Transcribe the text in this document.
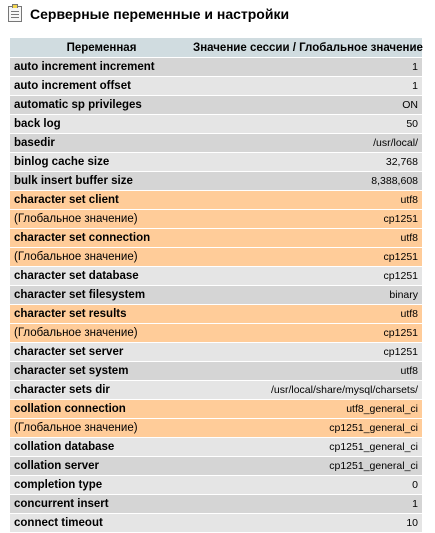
Серверные переменные и настройки
Переменная	Значение сессии / Глобальное значение
auto increment increment	1
auto increment offset	1
automatic sp privileges	ON
back log	50
basedir	/usr/local/
binlog cache size	32,768
bulk insert buffer size	8,388,608
character set client	utf8
(Глобальное значение)	cp1251
character set connection	utf8
(Глобальное значение)	cp1251
character set database	cp1251
character set filesystem	binary
character set results	utf8
(Глобальное значение)	cp1251
character set server	cp1251
character set system	utf8
character sets dir	/usr/local/share/mysql/charsets/
collation connection	utf8_general_ci
(Глобальное значение)	cp1251_general_ci
collation database	cp1251_general_ci
collation server	cp1251_general_ci
completion type	0
concurrent insert	1
connect timeout	10
